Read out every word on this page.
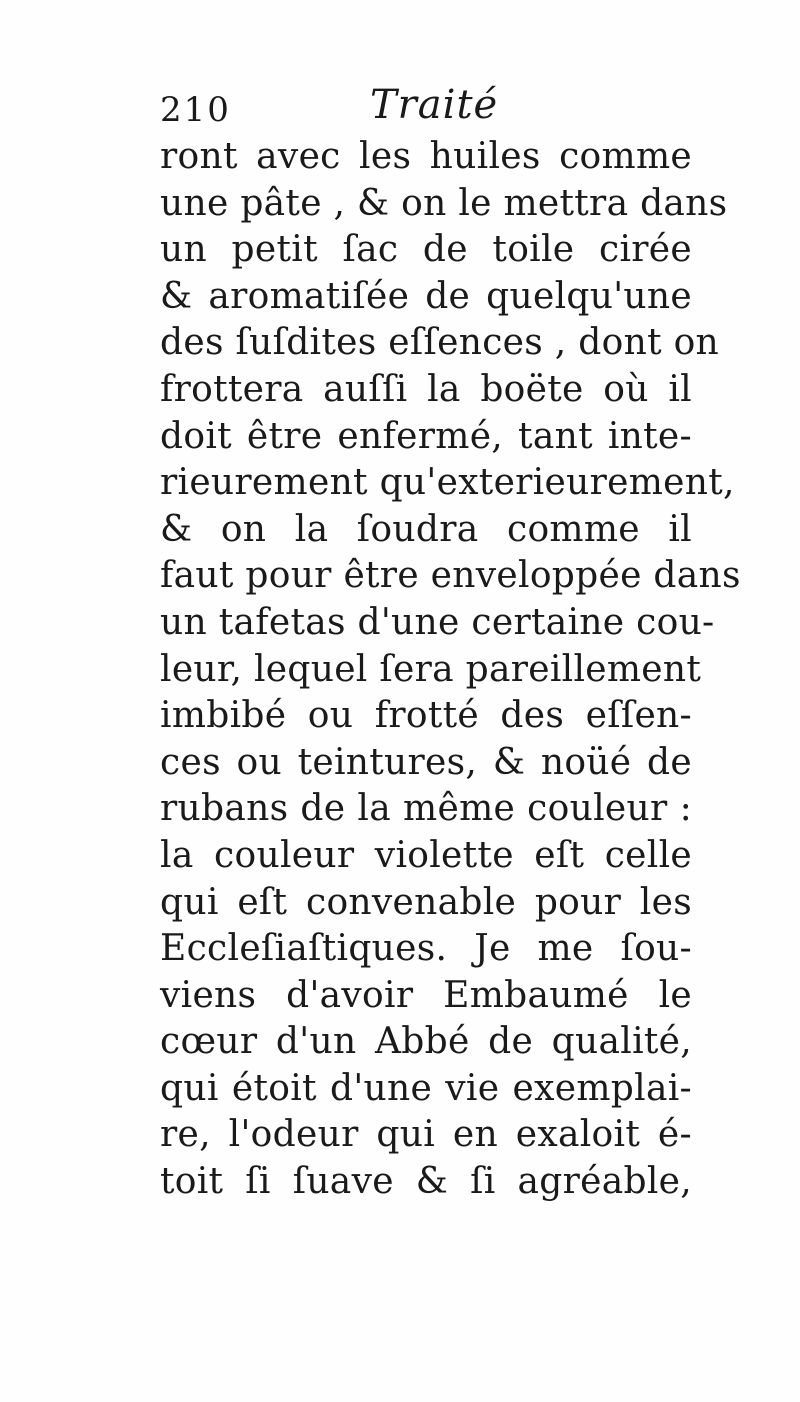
210	Traité
ront avec les huiles comme
une pâte , & on le mettra dans
un petit ſac de toile cirée
& aromatiſée de quelqu'une
des ſuſdites eſſences , dont on
frottera auſſi la boëte où il
doit être enfermé, tant inte-
rieurement qu'exterieurement,
& on la ſoudra comme il
faut pour être enveloppée dans
un tafetas d'une certaine cou-
leur, lequel ſera pareillement
imbibé ou frotté des eſſen-
ces ou teintures, & noüé de
rubans de la même couleur :
la couleur violette eſt celle
qui eſt convenable pour les
Eccleſiaſtiques. Je me ſou-
viens d'avoir Embaumé le
cœur d'un Abbé de qualité,
qui étoit d'une vie exemplai-
re, l'odeur qui en exaloit é-
toit ſi ſuave & ſi agréable,
